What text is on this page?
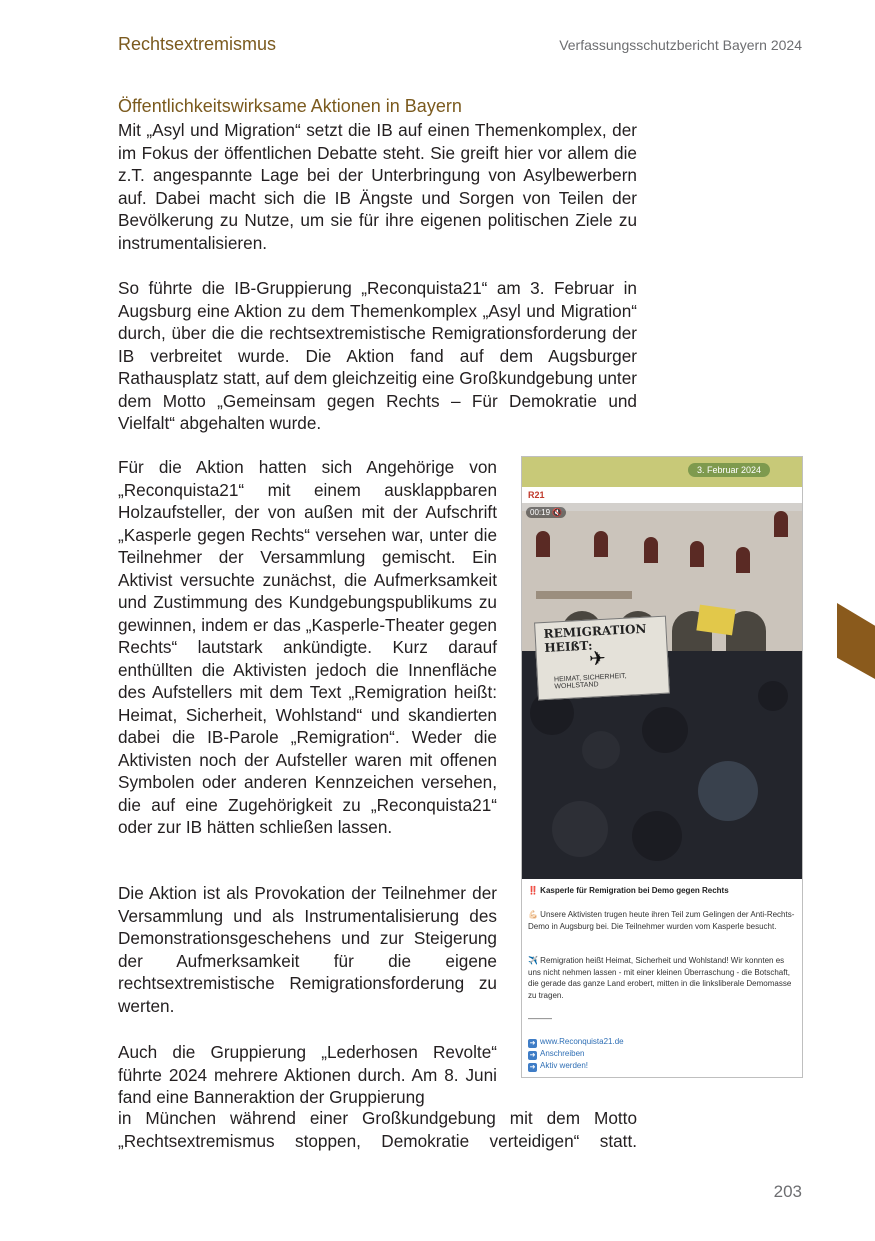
Rechtsextremismus	Verfassungsschutzbericht Bayern 2024
Öffentlichkeitswirksame Aktionen in Bayern

Mit „Asyl und Migration“ setzt die IB auf einen Themenkomplex, der im Fokus der öffentlichen Debatte steht. Sie greift hier vor allem die z.T. angespannte Lage bei der Unterbringung von Asylbewerbern auf. Dabei macht sich die IB Ängste und Sorgen von Teilen der Bevölkerung zu Nutze, um sie für ihre eigenen politischen Ziele zu instrumentalisieren.

So führte die IB-Gruppierung „Reconquista21“ am 3. Februar in Augsburg eine Aktion zu dem Themenkomplex „Asyl und Migration“ durch, über die die rechtsextremistische Remigrationsforderung der IB verbreitet wurde. Die Aktion fand auf dem Augsburger Rathausplatz statt, auf dem gleichzeitig eine Großkundgebung unter dem Motto „Gemeinsam gegen Rechts – Für Demokratie und Vielfalt“ abgehalten wurde.

Für die Aktion hatten sich Angehörige von „Reconquista21“ mit einem ausklappbaren Holzaufsteller, der von außen mit der Aufschrift „Kasperle gegen Rechts“ versehen war, unter die Teilnehmer der Versammlung gemischt. Ein Aktivist versuchte zunächst, die Aufmerksamkeit und Zustimmung des Kundgebungspublikums zu gewinnen, indem er das „Kasperle-Theater gegen Rechts“ lautstark ankündigte. Kurz darauf enthüllten die Aktivisten jedoch die Innenfläche des Aufstellers mit dem Text „Remigration heißt: Heimat, Sicherheit, Wohlstand“ und skandierten dabei die IB-Parole „Remigration“. Weder die Aktivisten noch der Aufsteller waren mit offenen Symbolen oder anderen Kennzeichen versehen, die auf eine Zugehörigkeit zu „Reconquista21“ oder zur IB hätten schließen lassen.

Die Aktion ist als Provokation der Teilnehmer der Versammlung und als Instrumentalisierung des Demonstrationsgeschehens und zur Steigerung der Aufmerksamkeit für die eigene rechtsextremistische Remigrationsforderung zu werten.

Auch die Gruppierung „Lederhosen Revolte“ führte 2024 mehrere Aktionen durch. Am 8. Juni fand eine Banneraktion der Gruppierung

in München während einer Großkundgebung mit dem Motto „Rechtsextremismus stoppen, Demokratie verteidigen“ statt.

3. Februar 2024
R21
REMIGRATION HEIßT:
✈
HEIMAT, SICHERHEIT, WOHLSTAND
00:19 🔇

‼️ Kasperle für Remigration bei Demo gegen Rechts

💪🏻 Unsere Aktivisten trugen heute ihren Teil zum Gelingen der Anti-Rechts-Demo in Augsburg bei. Die Teilnehmer wurden vom Kasperle besucht.

✈️ Remigration heißt Heimat, Sicherheit und Wohlstand! Wir konnten es uns nicht nehmen lassen - mit einer kleinen Überraschung - die Botschaft, die gerade das ganze Land erobert, mitten in die linksliberale Demomasse zu tragen.

———

➜ www.Reconquista21.de
➜ Anschreiben
➜ Aktiv werden!
203
